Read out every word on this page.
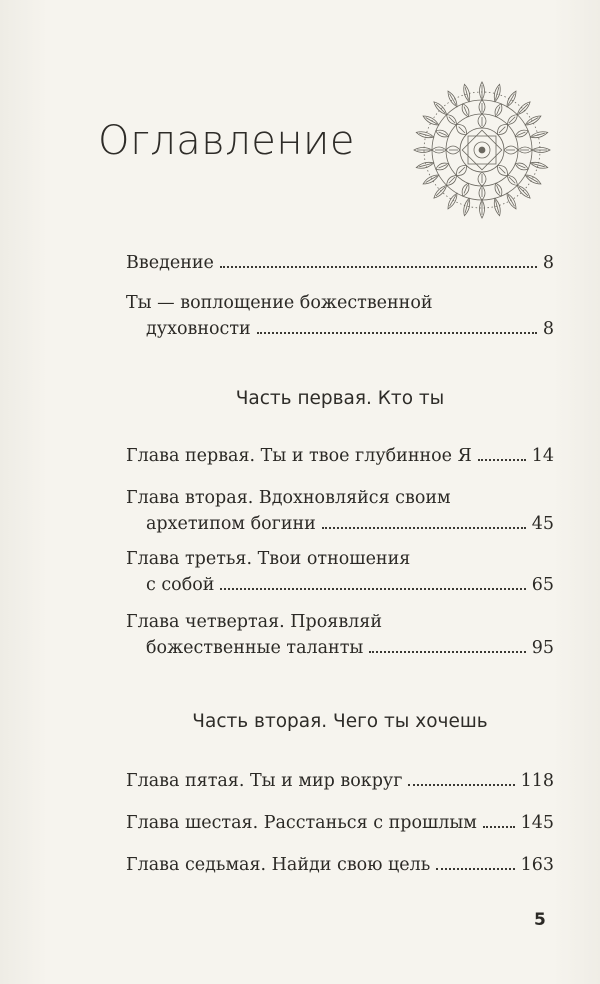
Оглавление
Введение	8
Ты — воплощение божественной
духовности	8
Часть первая. Кто ты
Глава первая. Ты и твое глубинное Я	14
Глава вторая. Вдохновляйся своим
архетипом богини	45
Глава третья. Твои отношения
с собой	65
Глава четвертая. Проявляй
божественные таланты	95
Часть вторая. Чего ты хочешь
Глава пятая. Ты и мир вокруг	118
Глава шестая. Расстанься с прошлым 145
Глава седьмая. Найди свою цель	163
5
